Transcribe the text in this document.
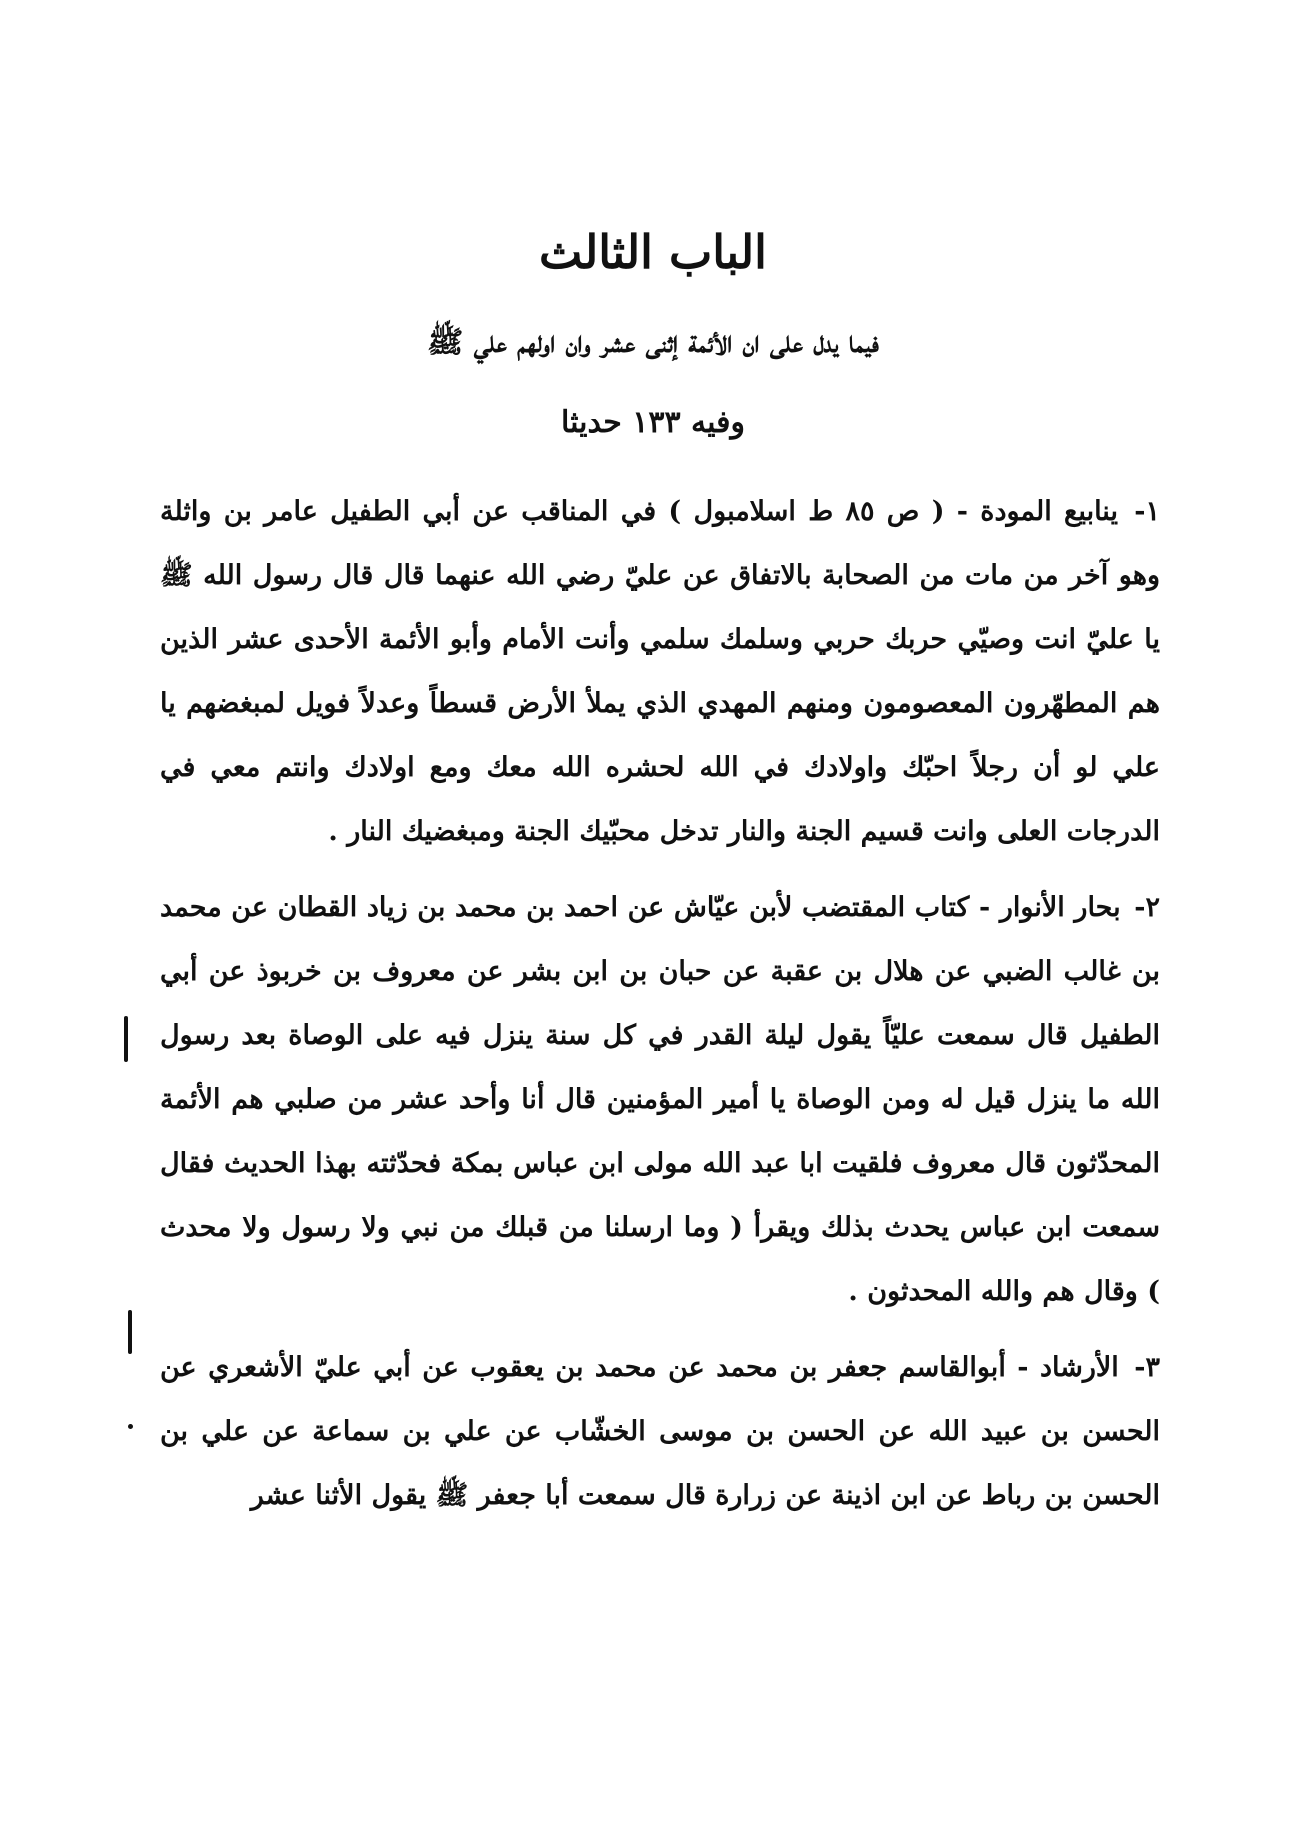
الباب الثالث
فيما يدل على ان الأئمة إثنى عشر وان اولهم علي ﷺ
وفيه ١٣٣ حديثا

١- ينابيع المودة - ( ص ٨٥ ط اسلامبول ) في المناقب عن أبي الطفيل عامر بن واثلة وهو آخر من مات من الصحابة بالاتفاق عن عليّ رضي الله عنهما قال قال رسول الله ﷺ يا عليّ انت وصيّي حربك حربي وسلمك سلمي وأنت الأمام وأبو الأئمة الأحدى عشر الذين هم المطهّرون المعصومون ومنهم المهدي الذي يملأ الأرض قسطاً وعدلاً فويل لمبغضهم يا علي لو أن رجلاً احبّك واولادك في الله لحشره الله معك ومع اولادك وانتم معي في الدرجات العلى وانت قسيم الجنة والنار تدخل محبّيك الجنة ومبغضيك النار .

٢- بحار الأنوار - كتاب المقتضب لأبن عيّاش عن احمد بن محمد بن زياد القطان عن محمد بن غالب الضبي عن هلال بن عقبة عن حبان بن ابن بشر عن معروف بن خربوذ عن أبي الطفيل قال سمعت عليّاً يقول ليلة القدر في كل سنة ينزل فيه على الوصاة بعد رسول الله ما ينزل قيل له ومن الوصاة يا أمير المؤمنين قال أنا وأحد عشر من صلبي هم الأئمة المحدّثون قال معروف فلقيت ابا عبد الله مولى ابن عباس بمكة فحدّثته بهذا الحديث فقال سمعت ابن عباس يحدث بذلك ويقرأ ( وما ارسلنا من قبلك من نبي ولا رسول ولا محدث ) وقال هم والله المحدثون .

٣- الأرشاد - أبوالقاسم جعفر بن محمد عن محمد بن يعقوب عن أبي عليّ الأشعري عن الحسن بن عبيد الله عن الحسن بن موسى الخشّاب عن علي بن سماعة عن علي بن الحسن بن رباط عن ابن اذينة عن زرارة قال سمعت أبا جعفر ﷺ يقول الأثنا عشر
